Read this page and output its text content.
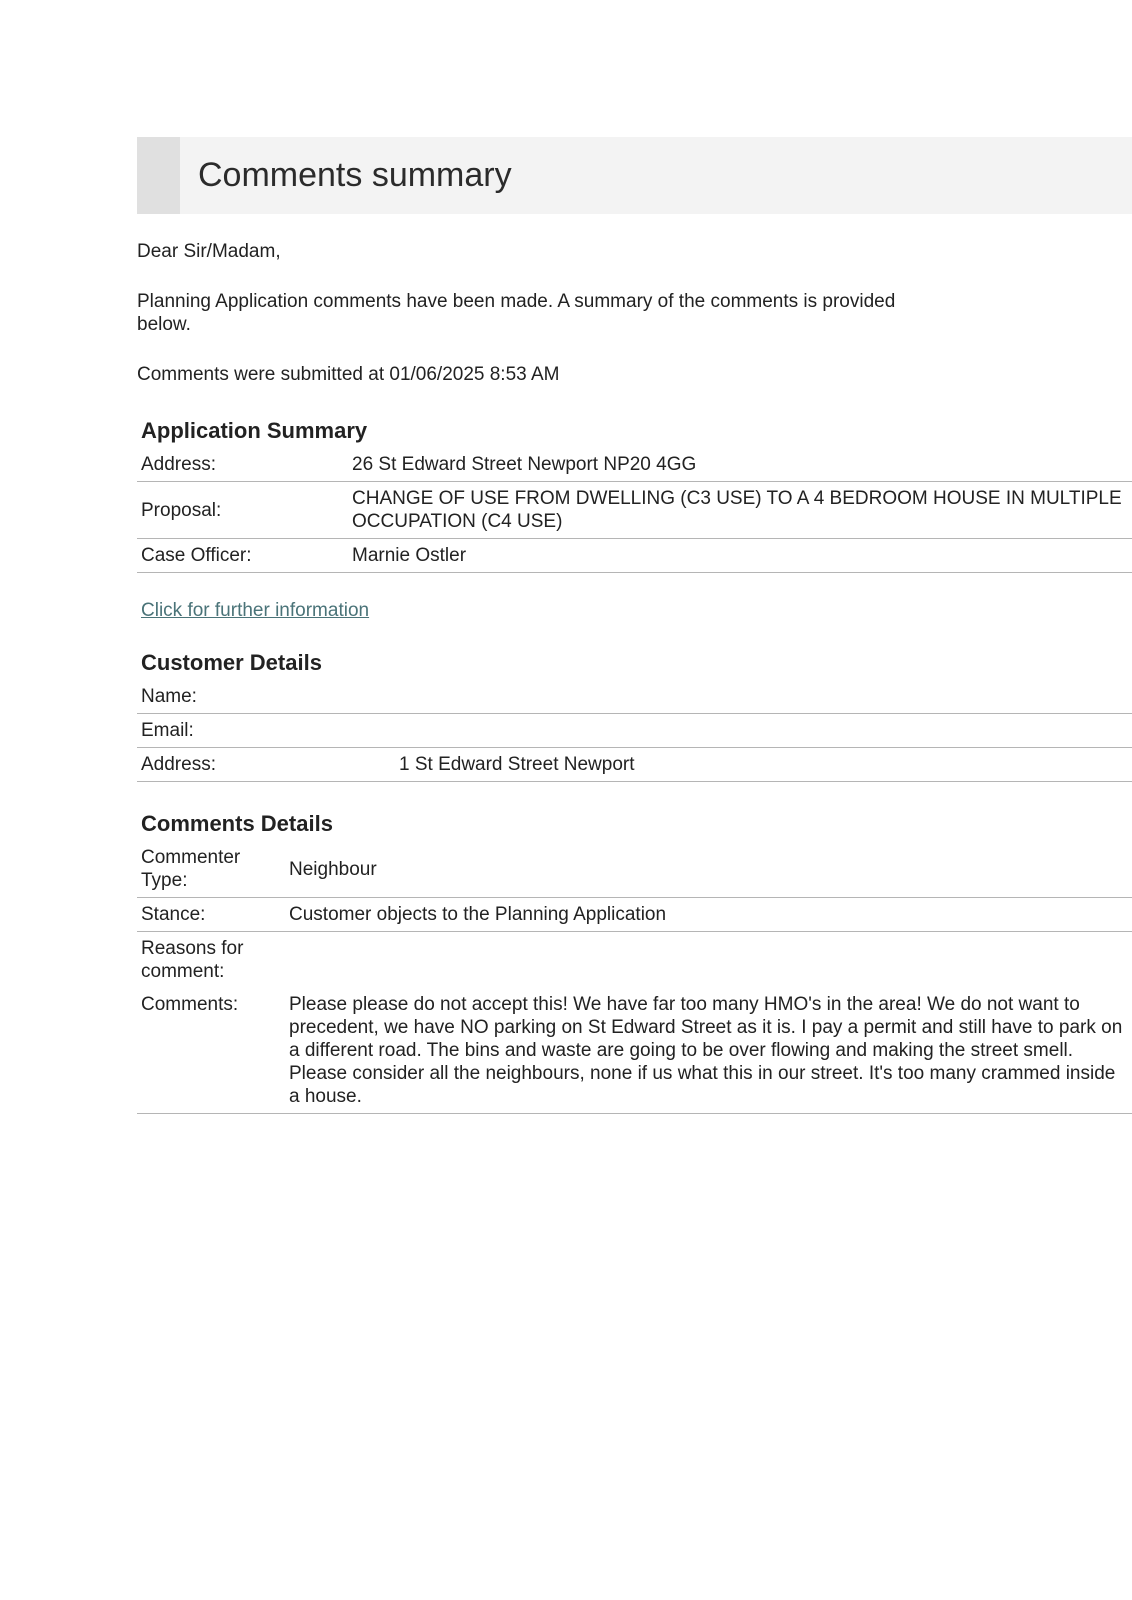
Comments summary
Dear Sir/Madam,
Planning Application comments have been made. A summary of the comments is provided below.
Comments were submitted at 01/06/2025 8:53 AM
Application Summary
Address:	26 St Edward Street Newport NP20 4GG
Proposal:	CHANGE OF USE FROM DWELLING (C3 USE) TO A 4 BEDROOM HOUSE IN MULTIPLE OCCUPATION (C4 USE)
Case Officer:	Marnie Ostler
Click for further information
Customer Details
Name:	
Email:	
Address:	1 St Edward Street Newport
Comments Details
Commenter Type:	Neighbour
Stance:	Customer objects to the Planning Application
Reasons for comment:	
Comments:	Please please do not accept this! We have far too many HMO's in the area! We do not want to precedent, we have NO parking on St Edward Street as it is. I pay a permit and still have to park on a different road. The bins and waste are going to be over flowing and making the street smell. Please consider all the neighbours, none if us what this in our street. It's too many crammed inside a house.
